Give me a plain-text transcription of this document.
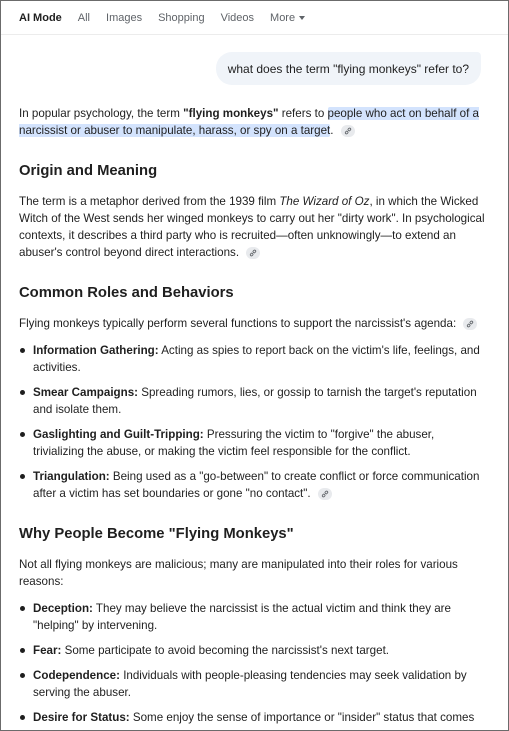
AI Mode All Images Shopping Videos More
what does the term "flying monkeys" refer to?

In popular psychology, the term "flying monkeys" refers to people who act on behalf of a narcissist or abuser to manipulate, harass, or spy on a target.

Origin and Meaning

The term is a metaphor derived from the 1939 film The Wizard of Oz, in which the Wicked Witch of the West sends her winged monkeys to carry out her "dirty work". In psychological contexts, it describes a third party who is recruited—often unknowingly—to extend an abuser's control beyond direct interactions.

Common Roles and Behaviors

Flying monkeys typically perform several functions to support the narcissist's agenda:

Information Gathering: Acting as spies to report back on the victim's life, feelings, and activities.
Smear Campaigns: Spreading rumors, lies, or gossip to tarnish the target's reputation and isolate them.
Gaslighting and Guilt-Tripping: Pressuring the victim to "forgive" the abuser, trivializing the abuse, or making the victim feel responsible for the conflict.
Triangulation: Being used as a "go-between" to create conflict or force communication after a victim has set boundaries or gone "no contact".
Why People Become "Flying Monkeys"

Not all flying monkeys are malicious; many are manipulated into their roles for various reasons:

Deception: They may believe the narcissist is the actual victim and think they are "helping" by intervening.
Fear: Some participate to avoid becoming the narcissist's next target.
Codependence: Individuals with people-pleasing tendencies may seek validation by serving the abuser.
Desire for Status: Some enjoy the sense of importance or "insider" status that comes
